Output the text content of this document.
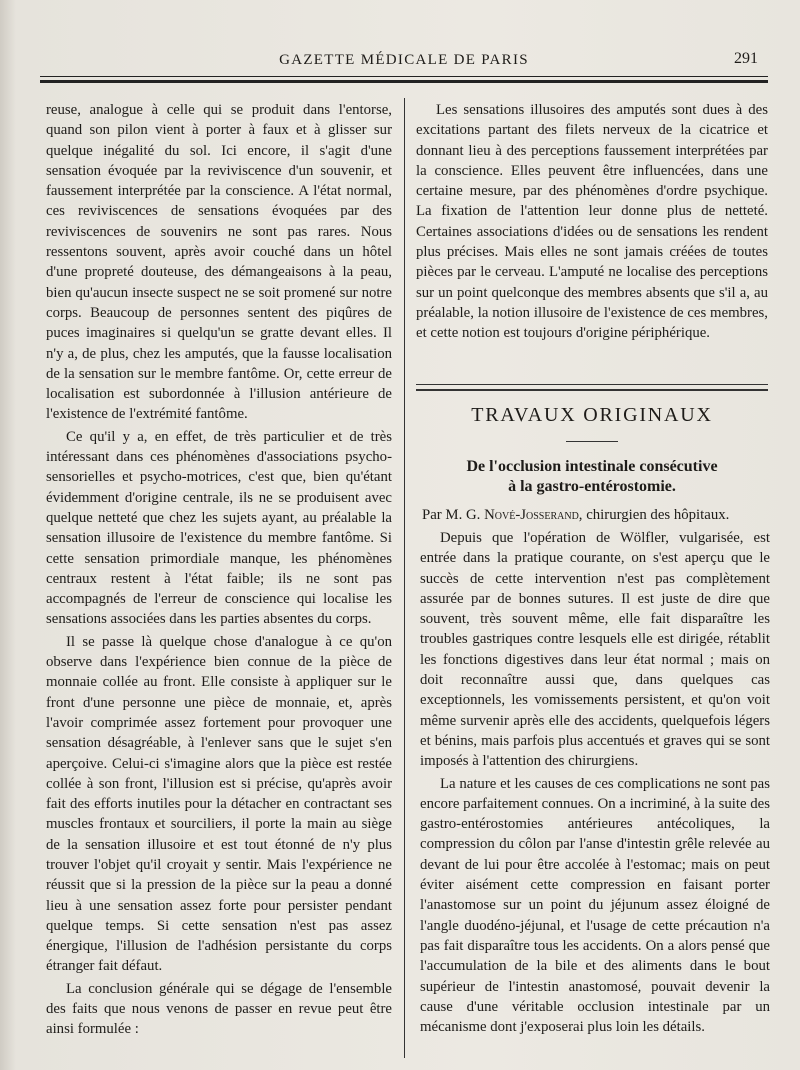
GAZETTE MÉDICALE DE PARIS	291

reuse, analogue à celle qui se produit dans l'entorse, quand son pilon vient à porter à faux et à glisser sur quelque inégalité du sol. Ici encore, il s'agit d'une sensation évoquée par la reviviscence d'un souvenir, et faussement interprétée par la conscience. A l'état normal, ces reviviscences de sensations évoquées par des reviviscences de souvenirs ne sont pas rares. Nous ressentons souvent, après avoir couché dans un hôtel d'une propreté douteuse, des démangeaisons à la peau, bien qu'aucun insecte suspect ne se soit promené sur notre corps. Beaucoup de personnes sentent des piqûres de puces imaginaires si quelqu'un se gratte devant elles. Il n'y a, de plus, chez les amputés, que la fausse localisation de la sensation sur le membre fantôme. Or, cette erreur de localisation est subordonnée à l'illusion antérieure de l'existence de l'extrémité fantôme.

Ce qu'il y a, en effet, de très particulier et de très intéressant dans ces phénomènes d'associations psycho-sensorielles et psycho-motrices, c'est que, bien qu'étant évidemment d'origine centrale, ils ne se produisent avec quelque netteté que chez les sujets ayant, au préalable la sensation illusoire de l'existence du membre fantôme. Si cette sensation primordiale manque, les phénomènes centraux restent à l'état faible; ils ne sont pas accompagnés de l'erreur de conscience qui localise les sensations associées dans les parties absentes du corps.

Il se passe là quelque chose d'analogue à ce qu'on observe dans l'expérience bien connue de la pièce de monnaie collée au front. Elle consiste à appliquer sur le front d'une personne une pièce de monnaie, et, après l'avoir comprimée assez fortement pour provoquer une sensation désagréable, à l'enlever sans que le sujet s'en aperçoive. Celui-ci s'imagine alors que la pièce est restée collée à son front, l'illusion est si précise, qu'après avoir fait des efforts inutiles pour la détacher en contractant ses muscles frontaux et sourciliers, il porte la main au siège de la sensation illusoire et est tout étonné de n'y plus trouver l'objet qu'il croyait y sentir. Mais l'expérience ne réussit que si la pression de la pièce sur la peau a donné lieu à une sensation assez forte pour persister pendant quelque temps. Si cette sensation n'est pas assez énergique, l'illusion de l'adhésion persistante du corps étranger fait défaut.

La conclusion générale qui se dégage de l'ensemble des faits que nous venons de passer en revue peut être ainsi formulée :

Les sensations illusoires des amputés sont dues à des excitations partant des filets nerveux de la cicatrice et donnant lieu à des perceptions faussement interprétées par la conscience. Elles peuvent être influencées, dans une certaine mesure, par des phénomènes d'ordre psychique. La fixation de l'attention leur donne plus de netteté. Certaines associations d'idées ou de sensations les rendent plus précises. Mais elles ne sont jamais créées de toutes pièces par le cerveau. L'amputé ne localise des perceptions sur un point quelconque des membres absents que s'il a, au préalable, la notion illusoire de l'existence de ces membres, et cette notion est toujours d'origine périphérique.

TRAVAUX ORIGINAUX
De l'occlusion intestinale consécutive
à la gastro-entérostomie.
Par M. G. Nové-Josserand, chirurgien des hôpitaux.

Depuis que l'opération de Wölfler, vulgarisée, est entrée dans la pratique courante, on s'est aperçu que le succès de cette intervention n'est pas complètement assurée par de bonnes sutures. Il est juste de dire que souvent, très souvent même, elle fait disparaître les troubles gastriques contre lesquels elle est dirigée, rétablit les fonctions digestives dans leur état normal ; mais on doit reconnaître aussi que, dans quelques cas exceptionnels, les vomissements persistent, et qu'on voit même survenir après elle des accidents, quelquefois légers et bénins, mais parfois plus accentués et graves qui se sont imposés à l'attention des chirurgiens.

La nature et les causes de ces complications ne sont pas encore parfaitement connues. On a incriminé, à la suite des gastro-entérostomies antérieures antécoliques, la compression du côlon par l'anse d'intestin grêle relevée au devant de lui pour être accolée à l'estomac; mais on peut éviter aisément cette compression en faisant porter l'anastomose sur un point du jéjunum assez éloigné de l'angle duodéno-jéjunal, et l'usage de cette précaution n'a pas fait disparaître tous les accidents. On a alors pensé que l'accumulation de la bile et des aliments dans le bout supérieur de l'intestin anastomosé, pouvait devenir la cause d'une véritable occlusion intestinale par un mécanisme dont j'exposerai plus loin les détails.
